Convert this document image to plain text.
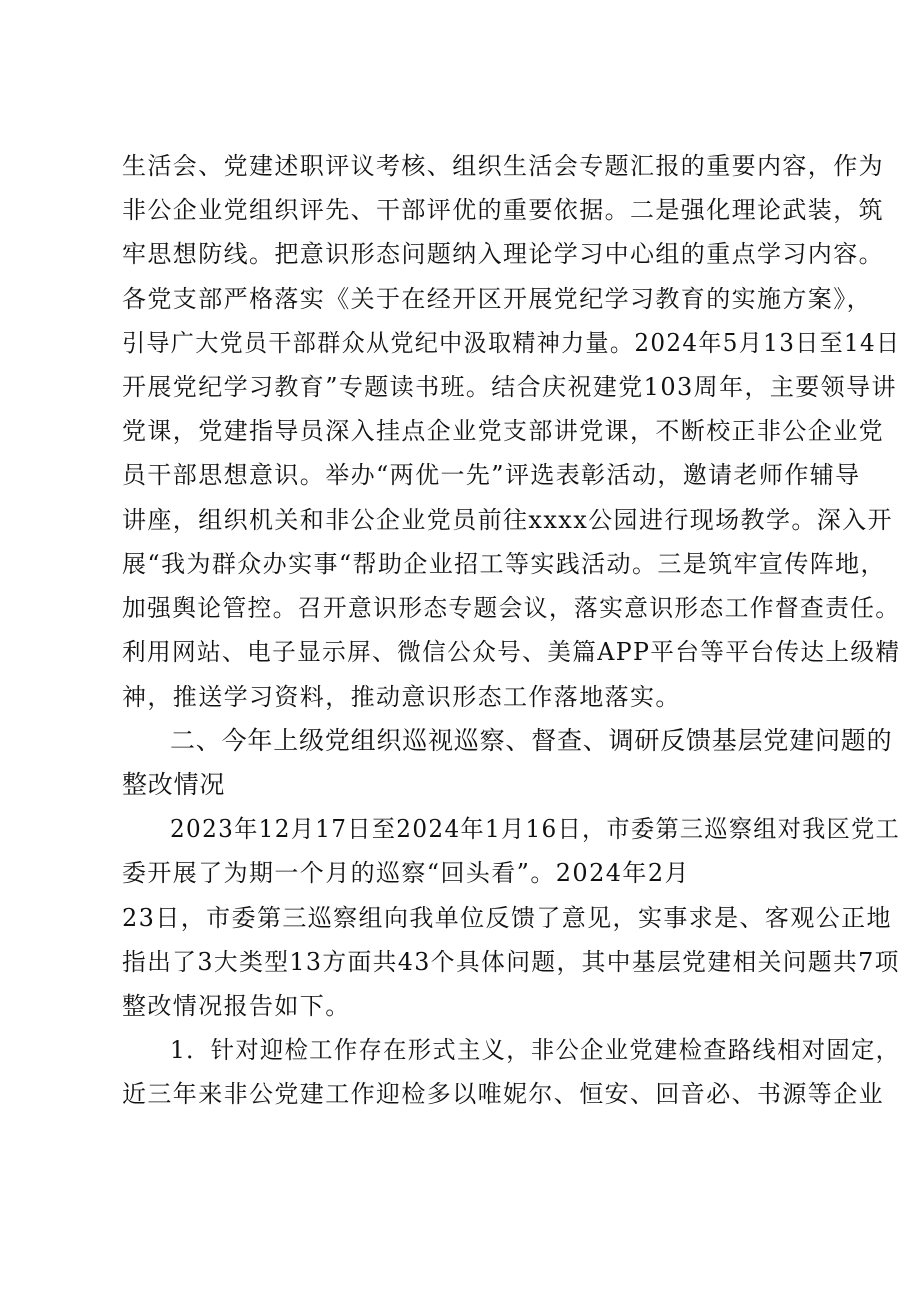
生活会、党建述职评议考核、组织生活会专题汇报的重要内容，作为
非公企业党组织评先、干部评优的重要依据。二是强化理论武装，筑
牢思想防线。把意识形态问题纳入理论学习中心组的重点学习内容。
各党支部严格落实《关于在经开区开展党纪学习教育的实施方案》，
引导广大党员干部群众从党纪中汲取精神力量。2024年5月13日至14日
开展党纪学习教育”专题读书班。结合庆祝建党103周年，主要领导讲
党课，党建指导员深入挂点企业党支部讲党课，不断校正非公企业党
员干部思想意识。举办“两优一先”评选表彰活动，邀请老师作辅导
讲座，组织机关和非公企业党员前往xxxx公园进行现场教学。深入开
展“我为群众办实事“帮助企业招工等实践活动。三是筑牢宣传阵地，
加强舆论管控。召开意识形态专题会议，落实意识形态工作督查责任。
利用网站、电子显示屏、微信公众号、美篇APP平台等平台传达上级精
神，推送学习资料，推动意识形态工作落地落实。
二、今年上级党组织巡视巡察、督查、调研反馈基层党建问题的
整改情况
2023年12月17日至2024年1月16日，市委第三巡察组对我区党工
委开展了为期一个月的巡察“回头看”。2024年2月
23日，市委第三巡察组向我单位反馈了意见，实事求是、客观公正地
指出了3大类型13方面共43个具体问题，其中基层党建相关问题共7项
整改情况报告如下。
1．针对迎检工作存在形式主义，非公企业党建检查路线相对固定，
近三年来非公党建工作迎检多以唯妮尔、恒安、回音必、书源等企业
